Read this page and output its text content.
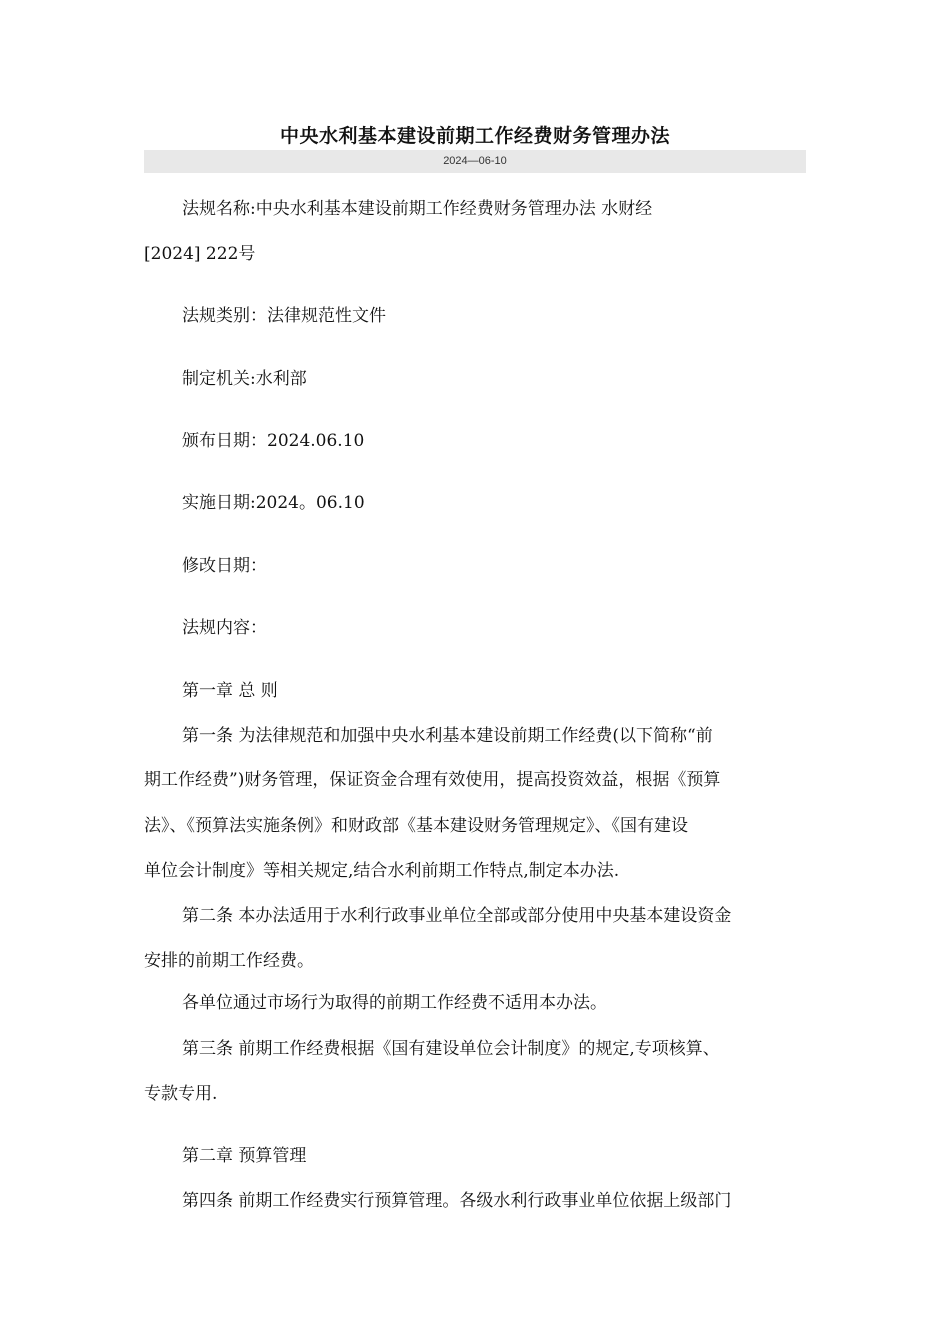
中央水利基本建设前期工作经费财务管理办法
2024—06-10
法规名称:中央水利基本建设前期工作经费财务管理办法 水财经
[2024] 222号
法规类别：法律规范性文件
制定机关:水利部
颁布日期：2024.06.10
实施日期:2024。06.10
修改日期：
法规内容：
第一章 总 则
第一条 为法律规范和加强中央水利基本建设前期工作经费(以下简称“前
期工作经费”)财务管理，保证资金合理有效使用，提高投资效益，根据《预算
法》、《预算法实施条例》和财政部《基本建设财务管理规定》、《国有建设
单位会计制度》等相关规定,结合水利前期工作特点,制定本办法.
第二条 本办法适用于水利行政事业单位全部或部分使用中央基本建设资金
安排的前期工作经费。
各单位通过市场行为取得的前期工作经费不适用本办法。
第三条 前期工作经费根据《国有建设单位会计制度》的规定,专项核算、
专款专用.
第二章 预算管理
第四条 前期工作经费实行预算管理。各级水利行政事业单位依据上级部门
